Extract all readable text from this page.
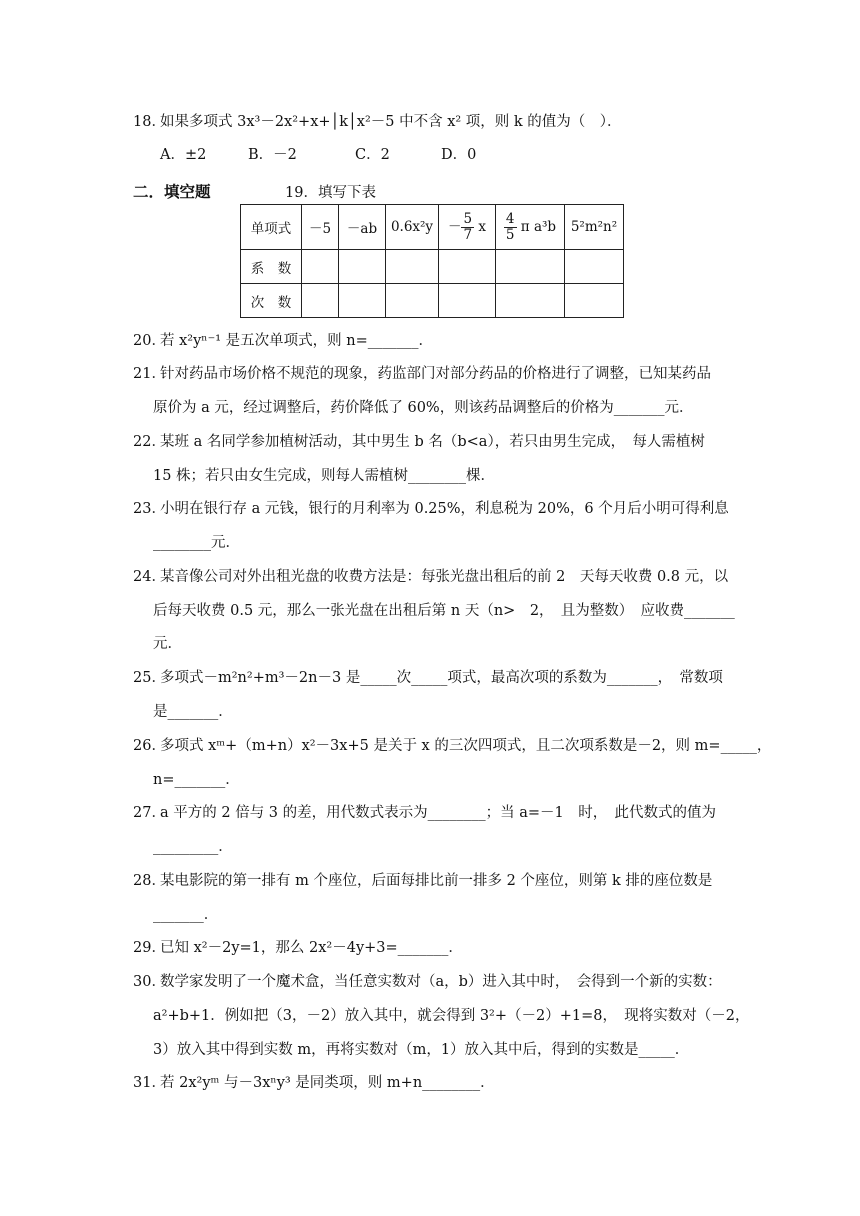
18．
如果多项式 3x³－2x²+x+│k│x²－5 中不含 x² 项，则 k 的值为（　）．
A．±2	B．－2	C．2	D．0
二．填空题	19．填写下表
单项式	－5	－ab	0.6x²y	－ $\frac{5}{7}$ x	$\frac{4}{5}$ π a³b	5²m²n²
系　数						
次　数						
20．
若 x²yⁿ⁻¹ 是五次单项式，则 n=_______．
21．
针对药品市场价格不规范的现象，药监部门对部分药品的价格进行了调整，已知某药品
原价为 a 元，经过调整后，药价降低了 60%，则该药品调整后的价格为_______元．
22．
某班 a 名同学参加植树活动，其中男生 b 名（b<a），若只由男生完成，　每人需植树
15 株；若只由女生完成，则每人需植树________棵．
23．
小明在银行存 a 元钱，银行的月利率为 0.25%，利息税为 20%，6 个月后小明可得利息
________元．
24．
某音像公司对外出租光盘的收费方法是：每张光盘出租后的前 2　天每天收费 0.8 元，以
后每天收费 0.5 元，那么一张光盘在出租后第 n 天（n>　2，　且为整数）　应收费_______
元．
25．
多项式－m²n²+m³－2n－3 是_____次_____项式，最高次项的系数为_______，　常数项
是_______．
26．
多项式 xᵐ+（m+n）x²－3x+5 是关于 x 的三次四项式，且二次项系数是－2，则 m=_____，
n=_______．
27．
a 平方的 2 倍与 3 的差，用代数式表示为________；当 a=－1　时，　此代数式的值为
_________．
28．
某电影院的第一排有 m 个座位，后面每排比前一排多 2 个座位，则第 k 排的座位数是
_______．
29．
已知 x²－2y=1，那么 2x²－4y+3=_______．
30．
数学家发明了一个魔术盒，当任意实数对（a，b）进入其中时，　会得到一个新的实数：
a²+b+1．例如把（3，－2）放入其中，就会得到 3²+（－2）+1=8，　现将实数对（－2，
3）放入其中得到实数 m，再将实数对（m，1）放入其中后，得到的实数是_____．
31．
若 2x²yᵐ 与－3xⁿy³ 是同类项，则 m+n________．
